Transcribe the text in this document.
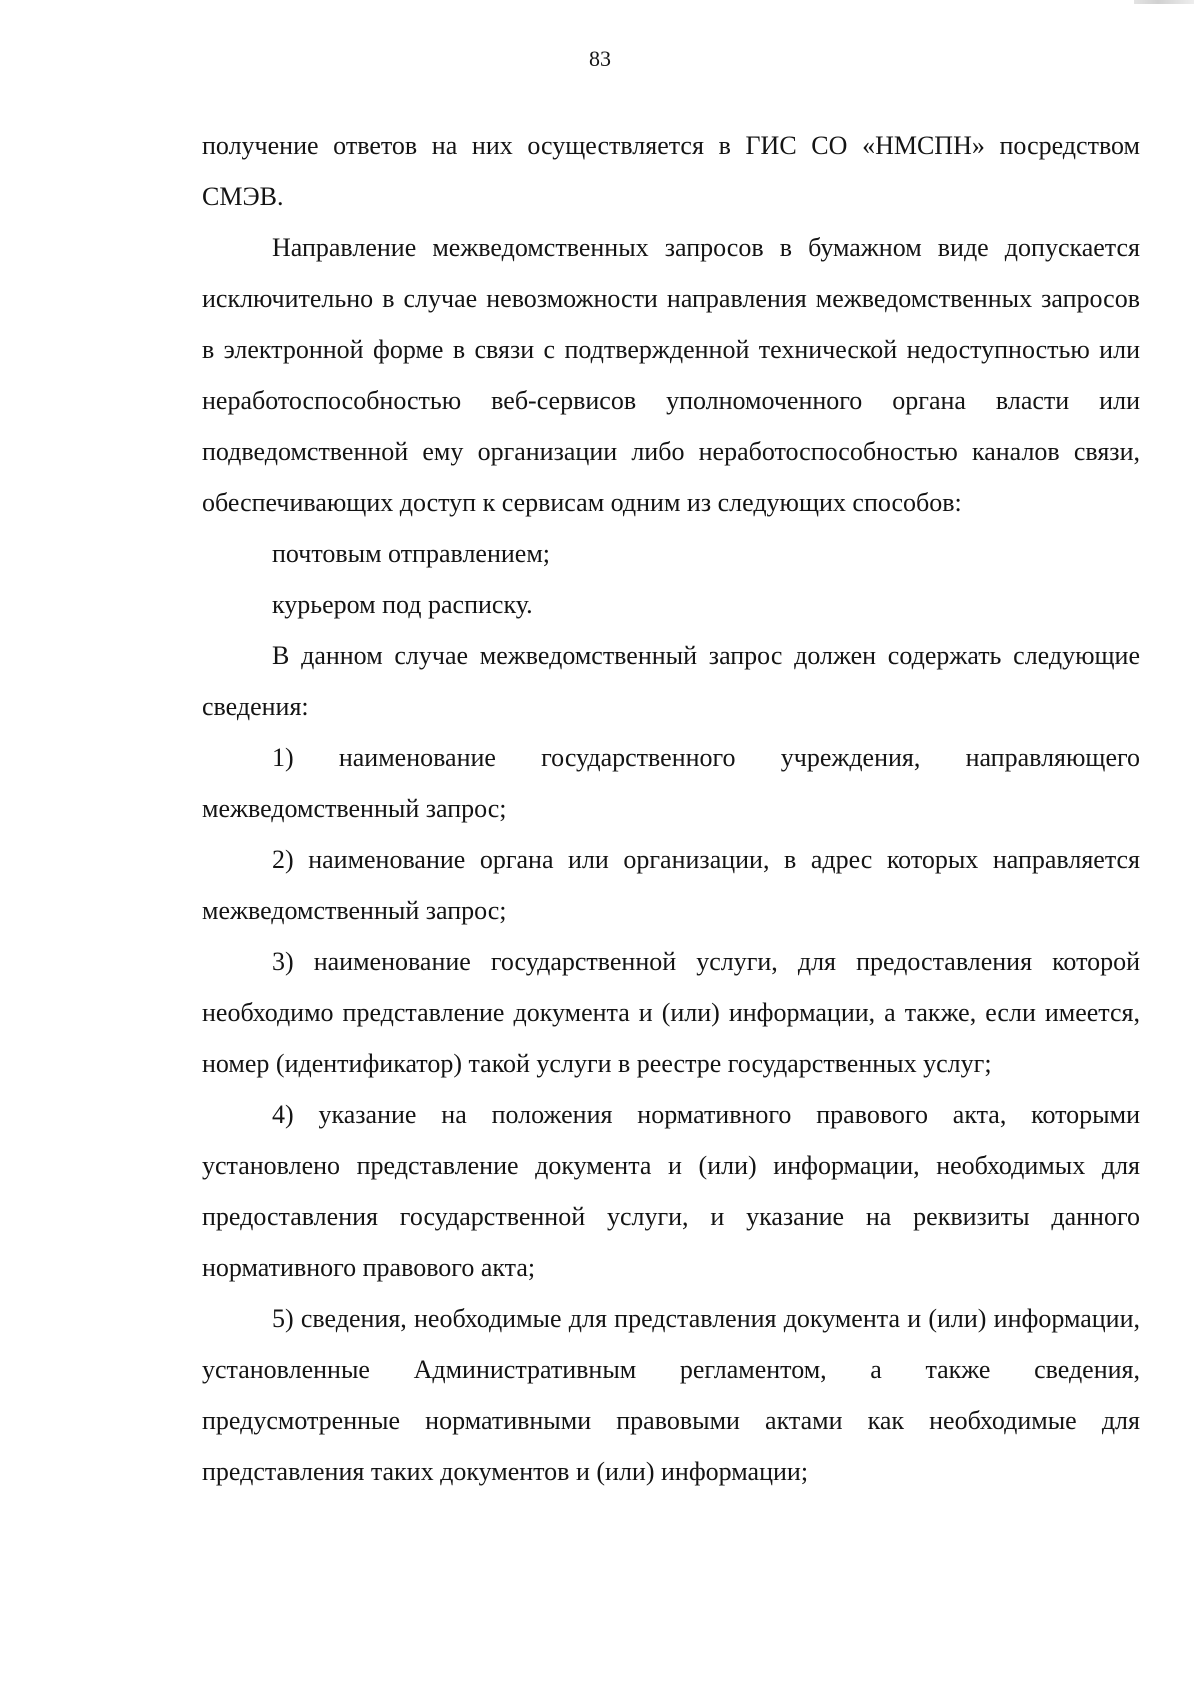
83

получение ответов на них осуществляется в ГИС СО «НМСПН» посредством СМЭВ.

Направление межведомственных запросов в бумажном виде допускается исключительно в случае невозможности направления межведомственных запросов в электронной форме в связи с подтвержденной технической недоступностью или неработоспособностью веб-сервисов уполномоченного органа власти или подведомственной ему организации либо неработоспособностью каналов связи, обеспечивающих доступ к сервисам одним из следующих способов:

почтовым отправлением;

курьером под расписку.

В данном случае межведомственный запрос должен содержать следующие сведения:

1) наименование государственного учреждения, направляющего межведомственный запрос;

2) наименование органа или организации, в адрес которых направляется межведомственный запрос;

3) наименование государственной услуги, для предоставления которой необходимо представление документа и (или) информации, а также, если имеется, номер (идентификатор) такой услуги в реестре государственных услуг;

4) указание на положения нормативного правового акта, которыми установлено представление документа и (или) информации, необходимых для предоставления государственной услуги, и указание на реквизиты данного нормативного правового акта;

5) сведения, необходимые для представления документа и (или) информации, установленные Административным регламентом, а также сведения, предусмотренные нормативными правовыми актами как необходимые для представления таких документов и (или) информации;
